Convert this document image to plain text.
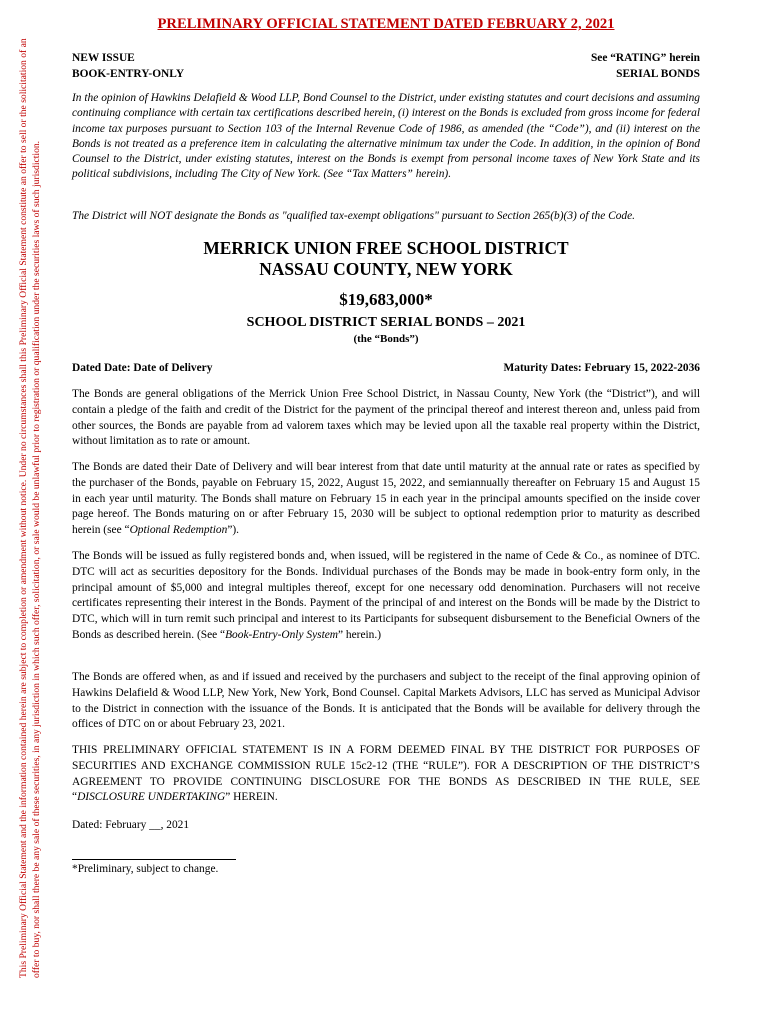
This Preliminary Official Statement and the information contained herein are subject to completion or amendment without notice. Under no circumstances shall this Preliminary Official Statement constitute an offer to sell or the solicitation of an offer to buy, nor shall there be any sale of these securities, in any jurisdiction in which such offer, solicitation, or sale would be unlawful prior to registration or qualification under the securities laws of such jurisdiction.
PRELIMINARY OFFICIAL STATEMENT DATED FEBRUARY 2, 2021
NEW ISSUE
BOOK-ENTRY-ONLY
See “RATING” herein
SERIAL BONDS
In the opinion of Hawkins Delafield & Wood LLP, Bond Counsel to the District, under existing statutes and court decisions and assuming continuing compliance with certain tax certifications described herein, (i) interest on the Bonds is excluded from gross income for federal income tax purposes pursuant to Section 103 of the Internal Revenue Code of 1986, as amended (the “Code”), and (ii) interest on the Bonds is not treated as a preference item in calculating the alternative minimum tax under the Code. In addition, in the opinion of Bond Counsel to the District, under existing statutes, interest on the Bonds is exempt from personal income taxes of New York State and its political subdivisions, including The City of New York. (See “Tax Matters” herein).
The District will NOT designate the Bonds as "qualified tax-exempt obligations" pursuant to Section 265(b)(3) of the Code.
MERRICK UNION FREE SCHOOL DISTRICT
NASSAU COUNTY, NEW YORK
$19,683,000*
SCHOOL DISTRICT SERIAL BONDS – 2021
(the “Bonds”)
Dated Date: Date of Delivery	Maturity Dates: February 15, 2022-2036
The Bonds are general obligations of the Merrick Union Free School District, in Nassau County, New York (the “District”), and will contain a pledge of the faith and credit of the District for the payment of the principal thereof and interest thereon and, unless paid from other sources, the Bonds are payable from ad valorem taxes which may be levied upon all the taxable real property within the District, without limitation as to rate or amount.
The Bonds are dated their Date of Delivery and will bear interest from that date until maturity at the annual rate or rates as specified by the purchaser of the Bonds, payable on February 15, 2022, August 15, 2022, and semiannually thereafter on February 15 and August 15 in each year until maturity. The Bonds shall mature on February 15 in each year in the principal amounts specified on the inside cover page hereof. The Bonds maturing on or after February 15, 2030 will be subject to optional redemption prior to maturity as described herein (see “Optional Redemption”).
The Bonds will be issued as fully registered bonds and, when issued, will be registered in the name of Cede & Co., as nominee of DTC. DTC will act as securities depository for the Bonds. Individual purchases of the Bonds may be made in book-entry form only, in the principal amount of $5,000 and integral multiples thereof, except for one necessary odd denomination. Purchasers will not receive certificates representing their interest in the Bonds. Payment of the principal of and interest on the Bonds will be made by the District to DTC, which will in turn remit such principal and interest to its Participants for subsequent disbursement to the Beneficial Owners of the Bonds as described herein. (See “Book-Entry-Only System” herein.)
The Bonds are offered when, as and if issued and received by the purchasers and subject to the receipt of the final approving opinion of Hawkins Delafield & Wood LLP, New York, New York, Bond Counsel. Capital Markets Advisors, LLC has served as Municipal Advisor to the District in connection with the issuance of the Bonds. It is anticipated that the Bonds will be available for delivery through the offices of DTC on or about February 23, 2021.
THIS PRELIMINARY OFFICIAL STATEMENT IS IN A FORM DEEMED FINAL BY THE DISTRICT FOR PURPOSES OF SECURITIES AND EXCHANGE COMMISSION RULE 15c2-12 (THE “RULE”). FOR A DESCRIPTION OF THE DISTRICT’S AGREEMENT TO PROVIDE CONTINUING DISCLOSURE FOR THE BONDS AS DESCRIBED IN THE RULE, SEE “DISCLOSURE UNDERTAKING” HEREIN.
Dated: February __, 2021
*Preliminary, subject to change.
